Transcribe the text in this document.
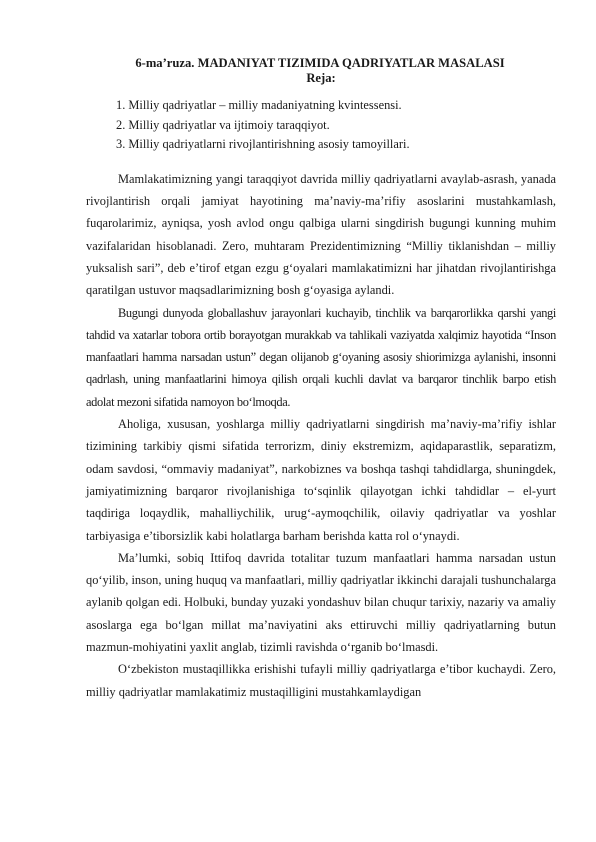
6-ma’ruza. MADANIYAT TIZIMIDA QADRIYATLAR MASALASI
Reja:
1. Milliy qadriyatlar – milliy madaniyatning kvintessensi.
2. Milliy qadriyatlar va ijtimoiy taraqqiyot.
3. Milliy qadriyatlarni rivojlantirishning asosiy tamoyillari.

Mamlakatimizning yangi taraqqiyot davrida milliy qadriyatlarni avaylab-asrash, yanada rivojlantirish orqali jamiyat hayotining ma’naviy-ma’rifiy asoslarini mustahkamlash, fuqarolarimiz, ayniqsa, yosh avlod ongu qalbiga ularni singdirish bugungi kunning muhim vazifalaridan hisoblanadi. Zero, muhtaram Prezidentimizning “Milliy tiklanishdan – milliy yuksalish sari”, deb e’tirof etgan ezgu g‘oyalari mamlakatimizni har jihatdan rivojlantirishga qaratilgan ustuvor maqsadlarimizning bosh g‘oyasiga aylandi.

Bugungi dunyoda globallashuv jarayonlari kuchayib, tinchlik va barqarorlikka qarshi yangi tahdid va xatarlar tobora ortib borayotgan murakkab va tahlikali vaziyatda xalqimiz hayotida “Inson manfaatlari hamma narsadan ustun” degan olijanob g‘oyaning asosiy shiorimizga aylanishi, insonni qadrlash, uning manfaatlarini himoya qilish orqali kuchli davlat va barqaror tinchlik barpo etish adolat mezoni sifatida namoyon bo‘lmoqda.

Aholiga, xususan, yoshlarga milliy qadriyatlarni singdirish ma’naviy-ma’rifiy ishlar tizimining tarkibiy qismi sifatida terrorizm, diniy ekstremizm, aqidaparastlik, separatizm, odam savdosi, “ommaviy madaniyat”, narkobiznes va boshqa tashqi tahdidlarga, shuningdek, jamiyatimizning barqaror rivojlanishiga to‘sqinlik qilayotgan ichki tahdidlar – el-yurt taqdiriga loqaydlik, mahalliychilik, urug‘-aymoqchilik, oilaviy qadriyatlar va yoshlar tarbiyasiga e’tiborsizlik kabi holatlarga barham berishda katta rol o‘ynaydi.

Ma’lumki, sobiq Ittifoq davrida totalitar tuzum manfaatlari hamma narsadan ustun qo‘yilib, inson, uning huquq va manfaatlari, milliy qadriyatlar ikkinchi darajali tushunchalarga aylanib qolgan edi. Holbuki, bunday yuzaki yondashuv bilan chuqur tarixiy, nazariy va amaliy asoslarga ega bo‘lgan millat ma’naviyatini aks ettiruvchi milliy qadriyatlarning butun mazmun-mohiyatini yaxlit anglab, tizimli ravishda o‘rganib bo‘lmasdi.

O‘zbekiston mustaqillikka erishishi tufayli milliy qadriyatlarga e’tibor kuchaydi. Zero, milliy qadriyatlar mamlakatimiz mustaqilligini mustahkamlaydigan
